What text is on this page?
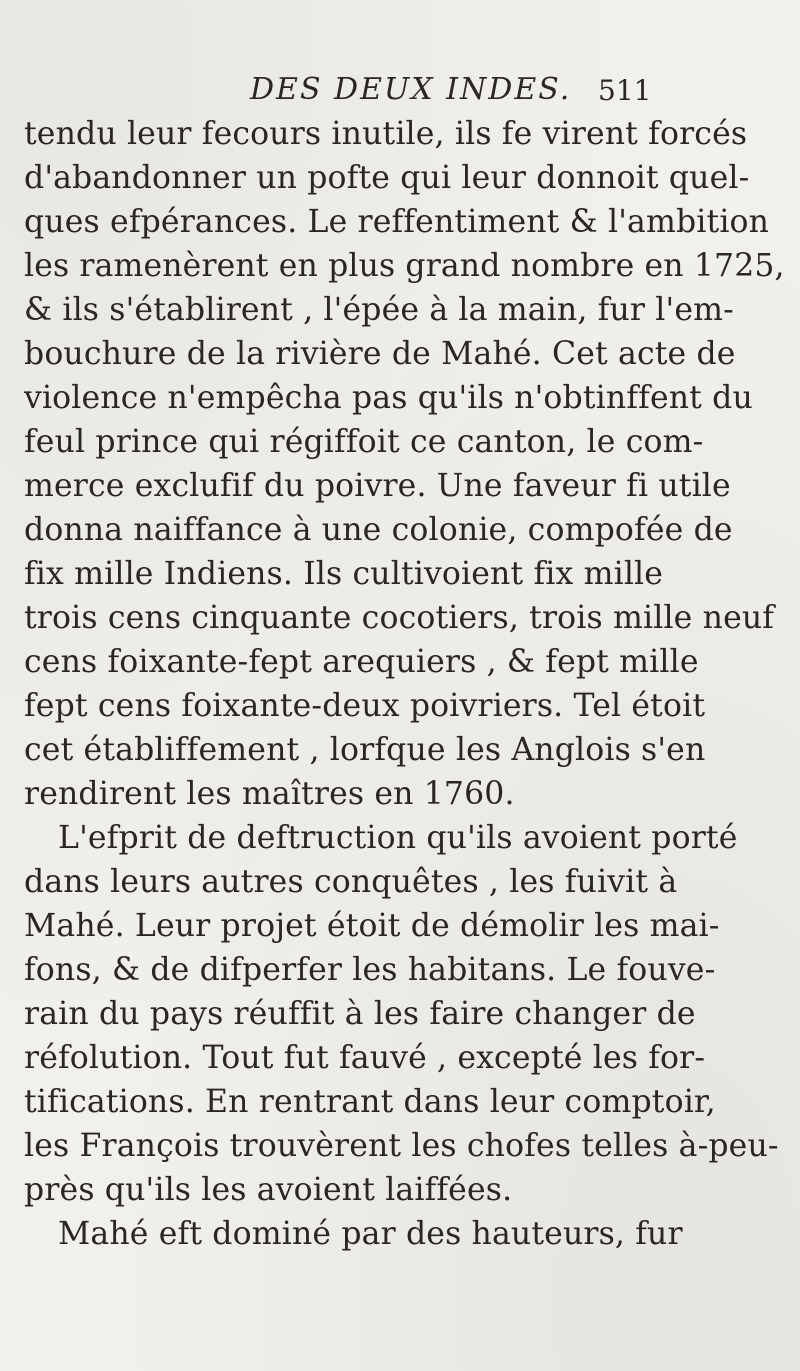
DES DEUX INDES. 511
tendu leur fecours inutile, ils fe virent forcés
d'abandonner un pofte qui leur donnoit quel-
ques efpérances. Le reffentiment & l'ambition
les ramenèrent en plus grand nombre en 1725,
& ils s'établirent , l'épée à la main, fur l'em-
bouchure de la rivière de Mahé. Cet acte de
violence n'empêcha pas qu'ils n'obtinffent du
feul prince qui régiffoit ce canton, le com-
merce exclufif du poivre. Une faveur fi utile
donna naiffance à une colonie, compofée de
fix mille Indiens. Ils cultivoient fix mille
trois cens cinquante cocotiers, trois mille neuf
cens foixante-fept arequiers , & fept mille
fept cens foixante-deux poivriers. Tel étoit
cet établiffement , lorfque les Anglois s'en
rendirent les maîtres en 1760.
L'efprit de deftruction qu'ils avoient porté
dans leurs autres conquêtes , les fuivit à
Mahé. Leur projet étoit de démolir les mai-
fons, & de difperfer les habitans. Le fouve-
rain du pays réuffit à les faire changer de
réfolution. Tout fut fauvé , excepté les for-
tifications. En rentrant dans leur comptoir,
les François trouvèrent les chofes telles à-peu-
près qu'ils les avoient laiffées.
Mahé eft dominé par des hauteurs, fur
